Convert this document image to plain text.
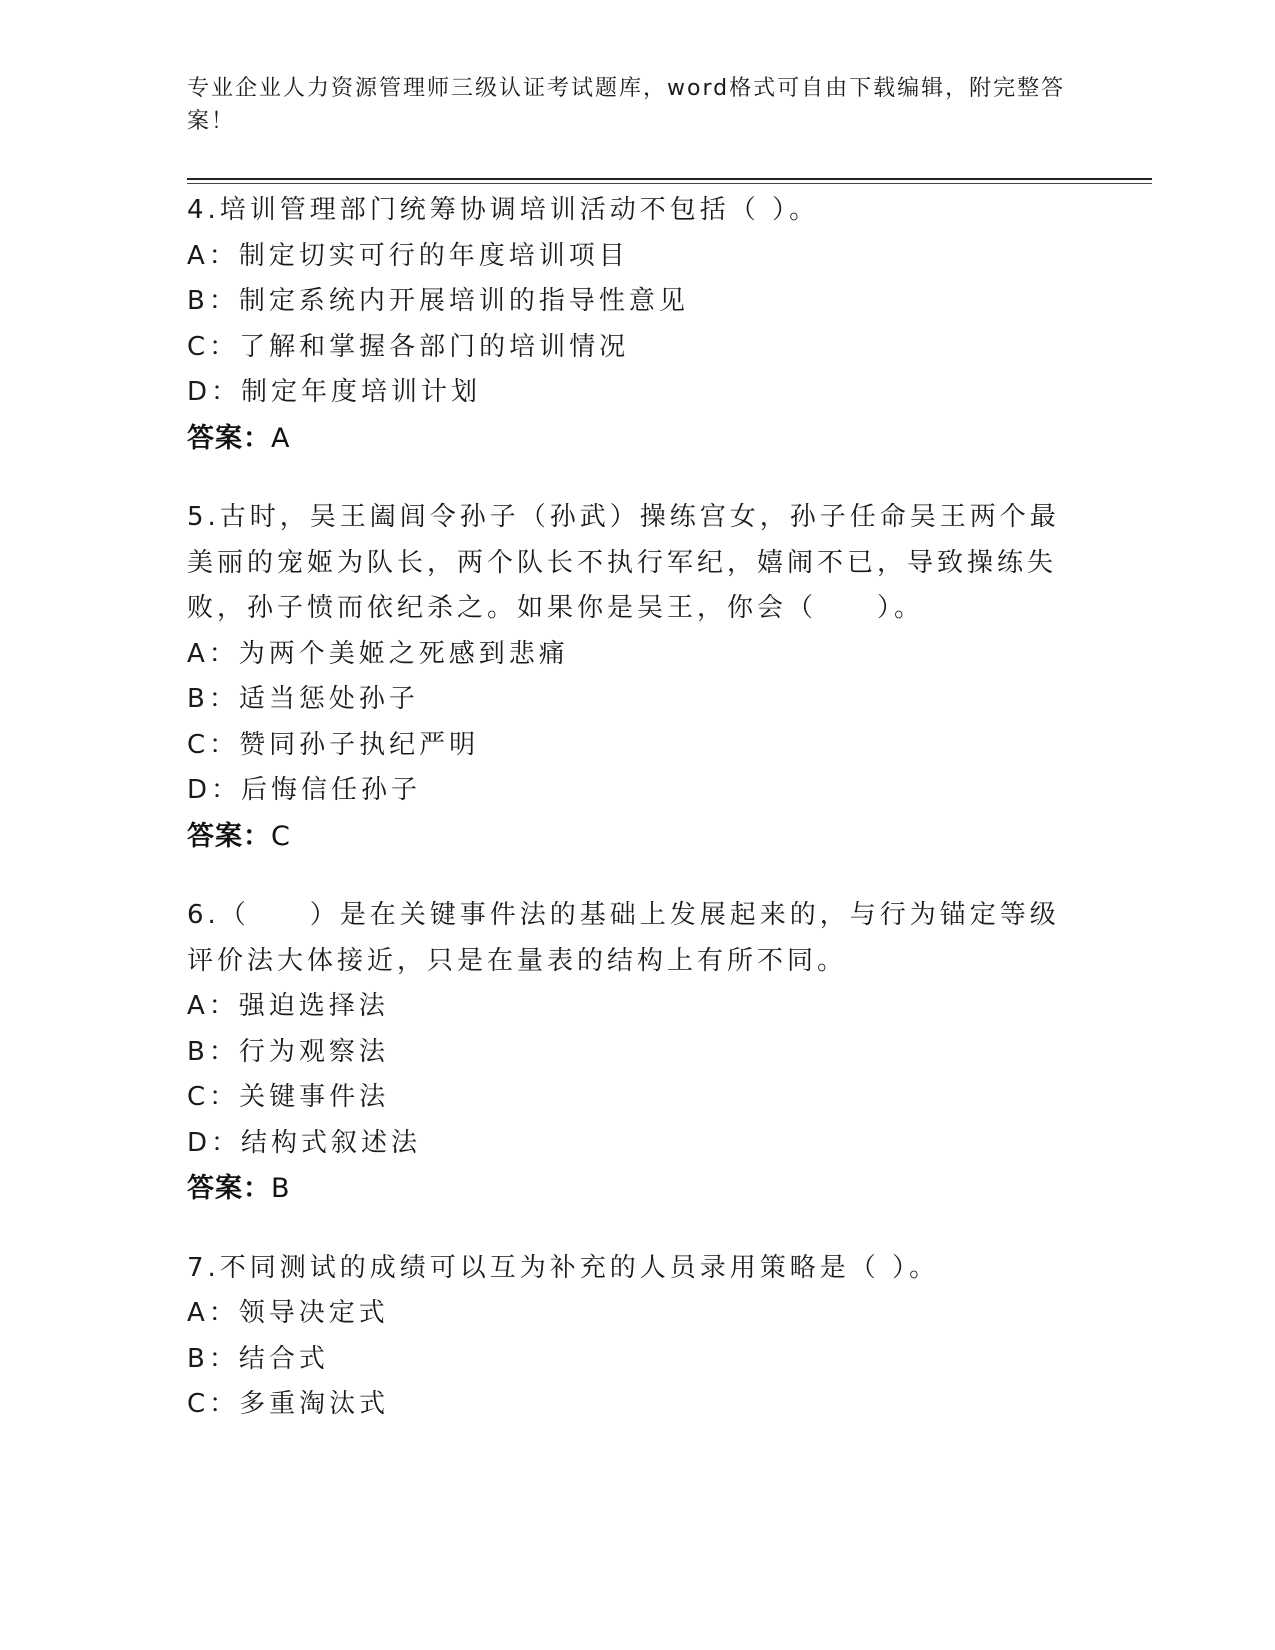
专业企业人力资源管理师三级认证考试题库，word格式可自由下载编辑，附完整答案！

4.培训管理部门统筹协调培训活动不包括（ ）。

A：制定切实可行的年度培训项目

B：制定系统内开展培训的指导性意见

C：了解和掌握各部门的培训情况

D：制定年度培训计划

答案：A

5.古时，吴王阖闾令孙子（孙武）操练宫女，孙子任命吴王两个最美丽的宠姬为队长，两个队长不执行军纪，嬉闹不已，导致操练失败，孙子愤而依纪杀之。如果你是吴王，你会（　　）。

A：为两个美姬之死感到悲痛

B：适当惩处孙子

C：赞同孙子执纪严明

D：后悔信任孙子

答案：C

6.（　　）是在关键事件法的基础上发展起来的，与行为锚定等级评价法大体接近，只是在量表的结构上有所不同。

A：强迫选择法

B：行为观察法

C：关键事件法

D：结构式叙述法

答案：B

7.不同测试的成绩可以互为补充的人员录用策略是（ ）。

A：领导决定式

B：结合式

C：多重淘汰式
